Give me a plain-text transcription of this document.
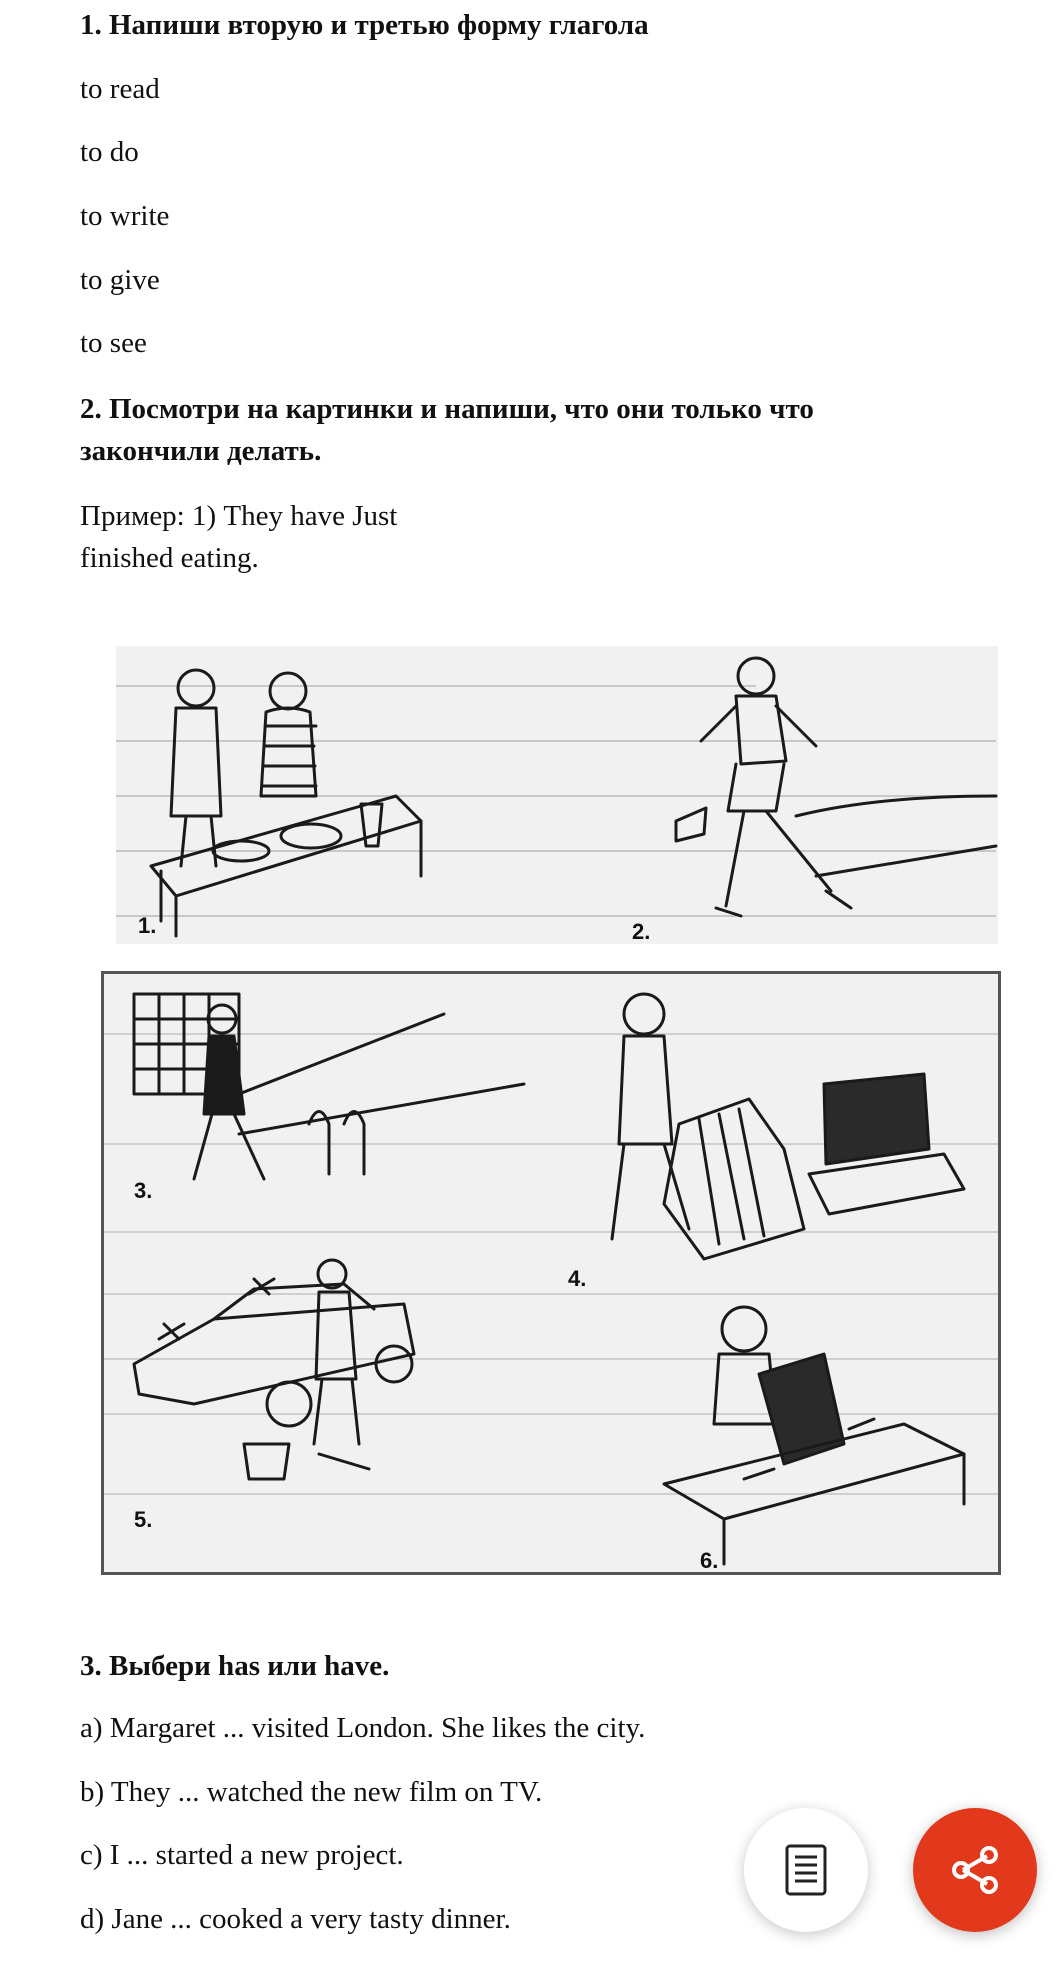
1. Напиши вторую и третью форму глагола
to read
to do
to write
to give
to see
2. Посмотри на картинки и напиши, что они только что
закончили делать.
Пример: 1) They have Just
finished eating.
1.	2.
3.
4.
5.
6.
3. Выбери has или have.
a) Margaret ... visited London. She likes the city.
b) They ... watched the new film on TV.
c) I ... started a new project.
d) Jane ... cooked a very tasty dinner.
